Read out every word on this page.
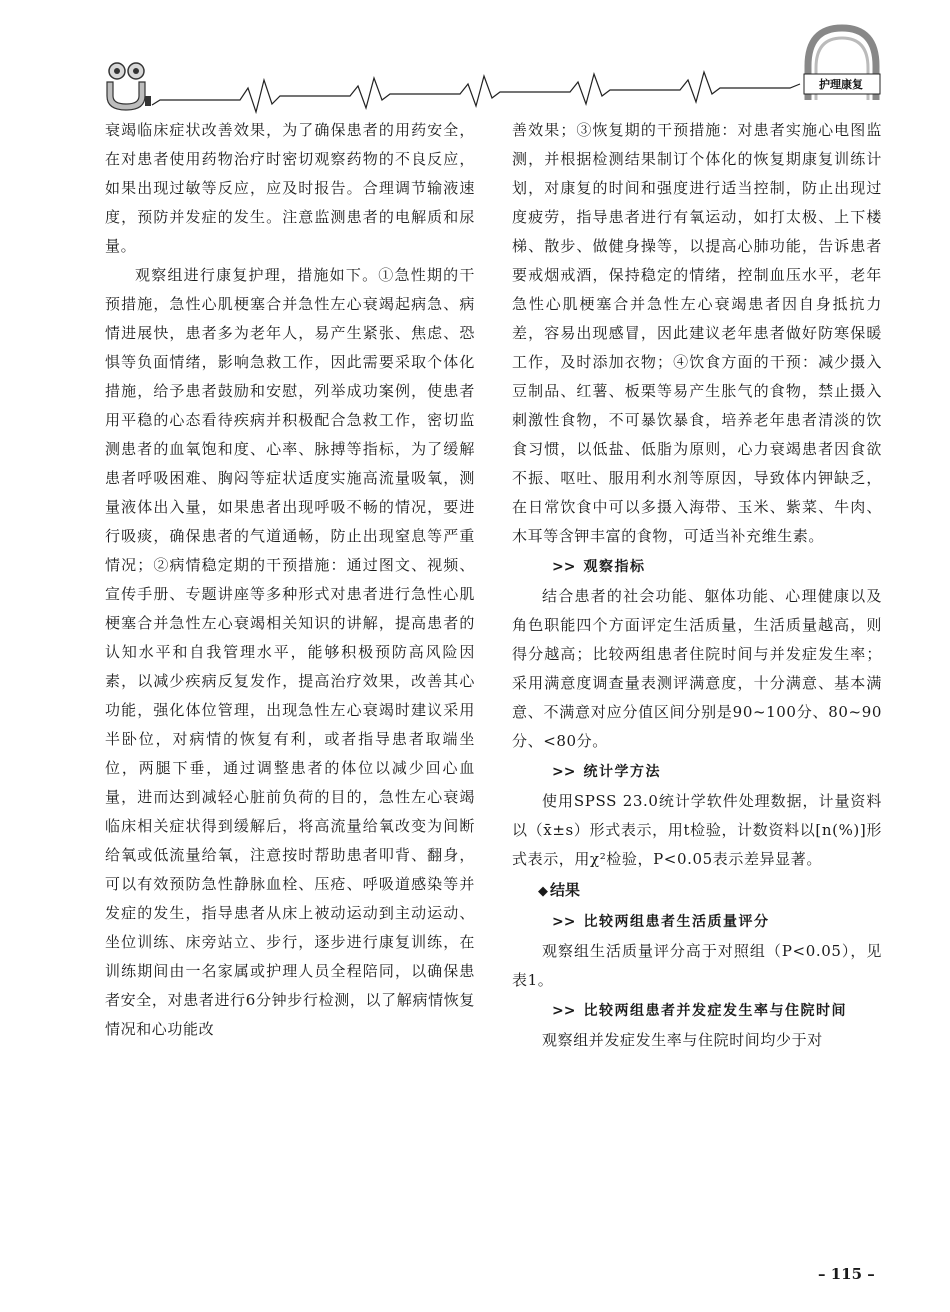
护理康复

衰竭临床症状改善效果，为了确保患者的用药安全，在对患者使用药物治疗时密切观察药物的不良反应，如果出现过敏等反应，应及时报告。合理调节输液速度，预防并发症的发生。注意监测患者的电解质和尿量。

观察组进行康复护理，措施如下。①急性期的干预措施，急性心肌梗塞合并急性左心衰竭起病急、病情进展快，患者多为老年人，易产生紧张、焦虑、恐惧等负面情绪，影响急救工作，因此需要采取个体化措施，给予患者鼓励和安慰，列举成功案例，使患者用平稳的心态看待疾病并积极配合急救工作，密切监测患者的血氧饱和度、心率、脉搏等指标，为了缓解患者呼吸困难、胸闷等症状适度实施高流量吸氧，测量液体出入量，如果患者出现呼吸不畅的情况，要进行吸痰，确保患者的气道通畅，防止出现窒息等严重情况；②病情稳定期的干预措施：通过图文、视频、宣传手册、专题讲座等多种形式对患者进行急性心肌梗塞合并急性左心衰竭相关知识的讲解，提高患者的认知水平和自我管理水平，能够积极预防高风险因素，以减少疾病反复发作，提高治疗效果，改善其心功能，强化体位管理，出现急性左心衰竭时建议采用半卧位，对病情的恢复有利，或者指导患者取端坐位，两腿下垂，通过调整患者的体位以减少回心血量，进而达到减轻心脏前负荷的目的，急性左心衰竭临床相关症状得到缓解后，将高流量给氧改变为间断给氧或低流量给氧，注意按时帮助患者叩背、翻身，可以有效预防急性静脉血栓、压疮、呼吸道感染等并发症的发生，指导患者从床上被动运动到主动运动、坐位训练、床旁站立、步行，逐步进行康复训练，在训练期间由一名家属或护理人员全程陪同，以确保患者安全，对患者进行6分钟步行检测，以了解病情恢复情况和心功能改

善效果；③恢复期的干预措施：对患者实施心电图监测，并根据检测结果制订个体化的恢复期康复训练计划，对康复的时间和强度进行适当控制，防止出现过度疲劳，指导患者进行有氧运动，如打太极、上下楼梯、散步、做健身操等，以提高心肺功能，告诉患者要戒烟戒酒，保持稳定的情绪，控制血压水平，老年急性心肌梗塞合并急性左心衰竭患者因自身抵抗力差，容易出现感冒，因此建议老年患者做好防寒保暖工作，及时添加衣物；④饮食方面的干预：减少摄入豆制品、红薯、板栗等易产生胀气的食物，禁止摄入刺激性食物，不可暴饮暴食，培养老年患者清淡的饮食习惯，以低盐、低脂为原则，心力衰竭患者因食欲不振、呕吐、服用利水剂等原因，导致体内钾缺乏，在日常饮食中可以多摄入海带、玉米、紫菜、牛肉、木耳等含钾丰富的食物，可适当补充维生素。

>> 观察指标

结合患者的社会功能、躯体功能、心理健康以及角色职能四个方面评定生活质量，生活质量越高，则得分越高；比较两组患者住院时间与并发症发生率；采用满意度调查量表测评满意度，十分满意、基本满意、不满意对应分值区间分别是90~100分、80~90分、<80分。

>> 统计学方法

使用SPSS 23.0统计学软件处理数据，计量资料以（x̄±s）形式表示，用t检验，计数资料以[n(%)]形式表示，用χ²检验，P<0.05表示差异显著。

◆ 结果
>> 比较两组患者生活质量评分

观察组生活质量评分高于对照组（P<0.05），见表1。

>> 比较两组患者并发症发生率与住院时间

观察组并发症发生率与住院时间均少于对

– 115 –
